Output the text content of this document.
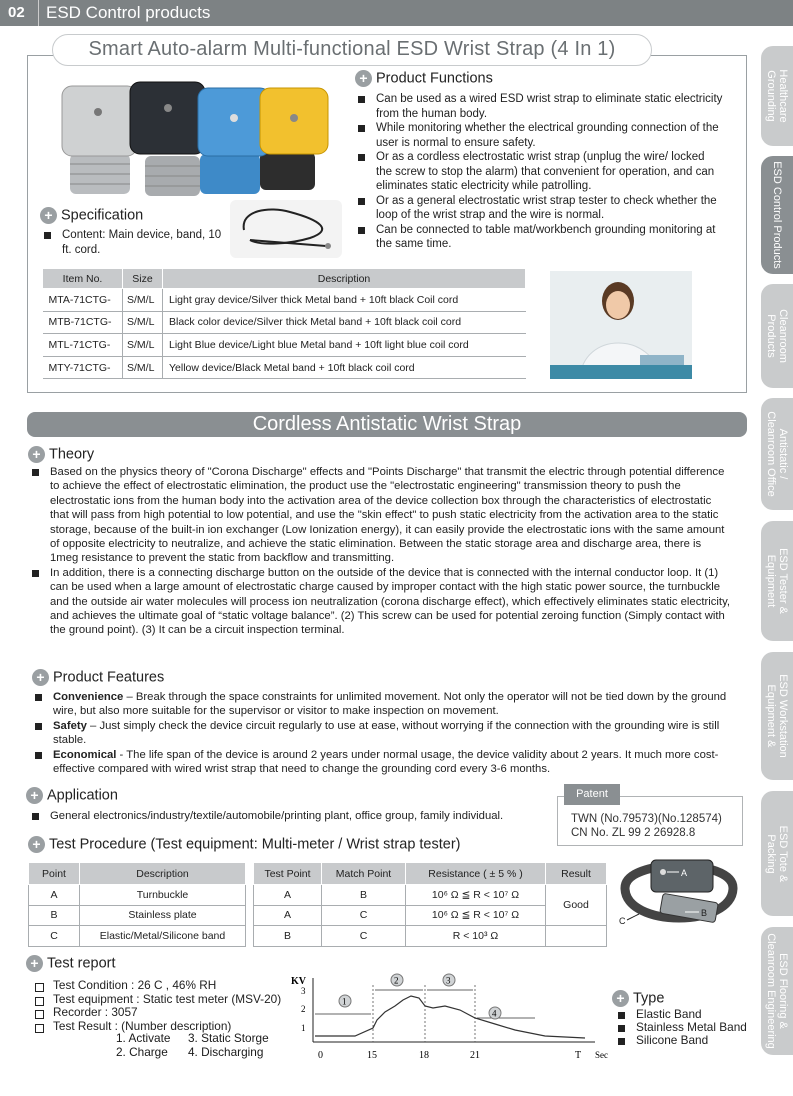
02 ESD Control products
Smart Auto-alarm Multi-functional ESD Wrist Strap (4 In 1)
+ Product Functions
Can be used as a wired ESD wrist strap to eliminate static electricity from the human body.
While monitoring whether the electrical grounding connection of the user is normal to ensure safety.
Or as a cordless electrostatic wrist strap (unplug the wire/ locked the screw to stop the alarm) that convenient for operation, and can eliminates static electricity while patrolling.
Or as a general electrostatic wrist strap tester to check whether the loop of the wrist strap and the wire is normal.
Can be connected to table mat/workbench grounding monitoring at the same time.
+ Specification
Content: Main device, band, 10 ft. cord.
Item No.	Size	Description
MTA-71CTG-	S/M/L	Light gray device/Silver thick Metal band + 10ft black Coil cord
MTB-71CTG-	S/M/L	Black color device/Silver thick Metal band + 10ft black coil cord
MTL-71CTG-	S/M/L	Light Blue device/Light blue Metal band + 10ft light blue coil cord
MTY-71CTG-	S/M/L	Yellow device/Black Metal band + 10ft black coil cord
Cordless Antistatic Wrist Strap
+ Theory
Based on the physics theory of "Corona Discharge" effects and "Points Discharge" that transmit the electric through potential difference to achieve the effect of electrostatic elimination, the product use the "electrostatic engineering" transmission theory to push the electrostatic ions from the human body into the activation area of the device collection box through the characteristics of electrostatic that will pass from high potential to low potential, and use the "skin effect" to push static electricity from the activation area to the static storage, because of the built-in ion exchanger (Low Ionization energy), it can easily provide the electrostatic ions with the same amount of opposite electricity to neutralize, and achieve the static elimination. Between the static storage area and discharge area, there is 1meg resistance to prevent the static from backflow and transmitting.
In addition, there is a connecting discharge button on the outside of the device that is connected with the internal conductor loop. It (1) can be used when a large amount of electrostatic charge caused by improper contact with the high static power source, the turnbuckle and the outside air water molecules will process ion neutralization (corona discharge effect), which effectively eliminates static electricity, and achieves the ultimate goal of “static voltage balance”. (2) This screw can be used for potential zeroing function (Simply contact with the ground point). (3) It can be a circuit inspection terminal.
+ Product Features
Convenience – Break through the space constraints for unlimited movement. Not only the operator will not be tied down by the ground wire, but also more suitable for the supervisor or visitor to make inspection on movement.
Safety – Just simply check the device circuit regularly to use at ease, without worrying if the connection with the grounding wire is still stable.
Economical - The life span of the device is around 2 years under normal usage, the device validity about 2 years. It much more cost-effective compared with wired wrist strap that need to change the grounding cord every 3-6 months.
+ Application
General electronics/industry/textile/automobile/printing plant, office group, family individual.	TWN (No.79573)(No.128574)
CN No. ZL 99 2 26928.8
Patent
+ Test Procedure (Test equipment: Multi-meter / Wrist strap tester)
Point	Description
A	Turnbuckle
B	Stainless plate
C	Elastic/Metal/Silicone band
Test Point	Match Point	Resistance ( ± 5 % )	Result
A	B	10⁶ Ω ≦ R < 10⁷ Ω	Good
A	C	10⁶ Ω ≦ R < 10⁷ Ω	
B	C	R < 10³ Ω	
A
B
C
+ Test report
Test Condition : 26 C , 46% RH
Test equipment : Static test meter (MSV-20)
Recorder : 3057
Test Result : (Number description)
1. Activate 3. Static Storge
2. Charge 4. Discharging
KV
3
2
1
0	15	18	21	T Sec
1
2	3
4
+ Type
Elastic Band
Stainless Metal Band
Silicone Band
Healthcare
Grounding
ESD Control Products
Cleanroom
Products
Antistatic /
Cleanroom Office
ESD Tester &
Equipment
ESD Workstation
Equipment &
ESD Tote &
Packing
ESD Flooring &
Cleanroom Engineering
